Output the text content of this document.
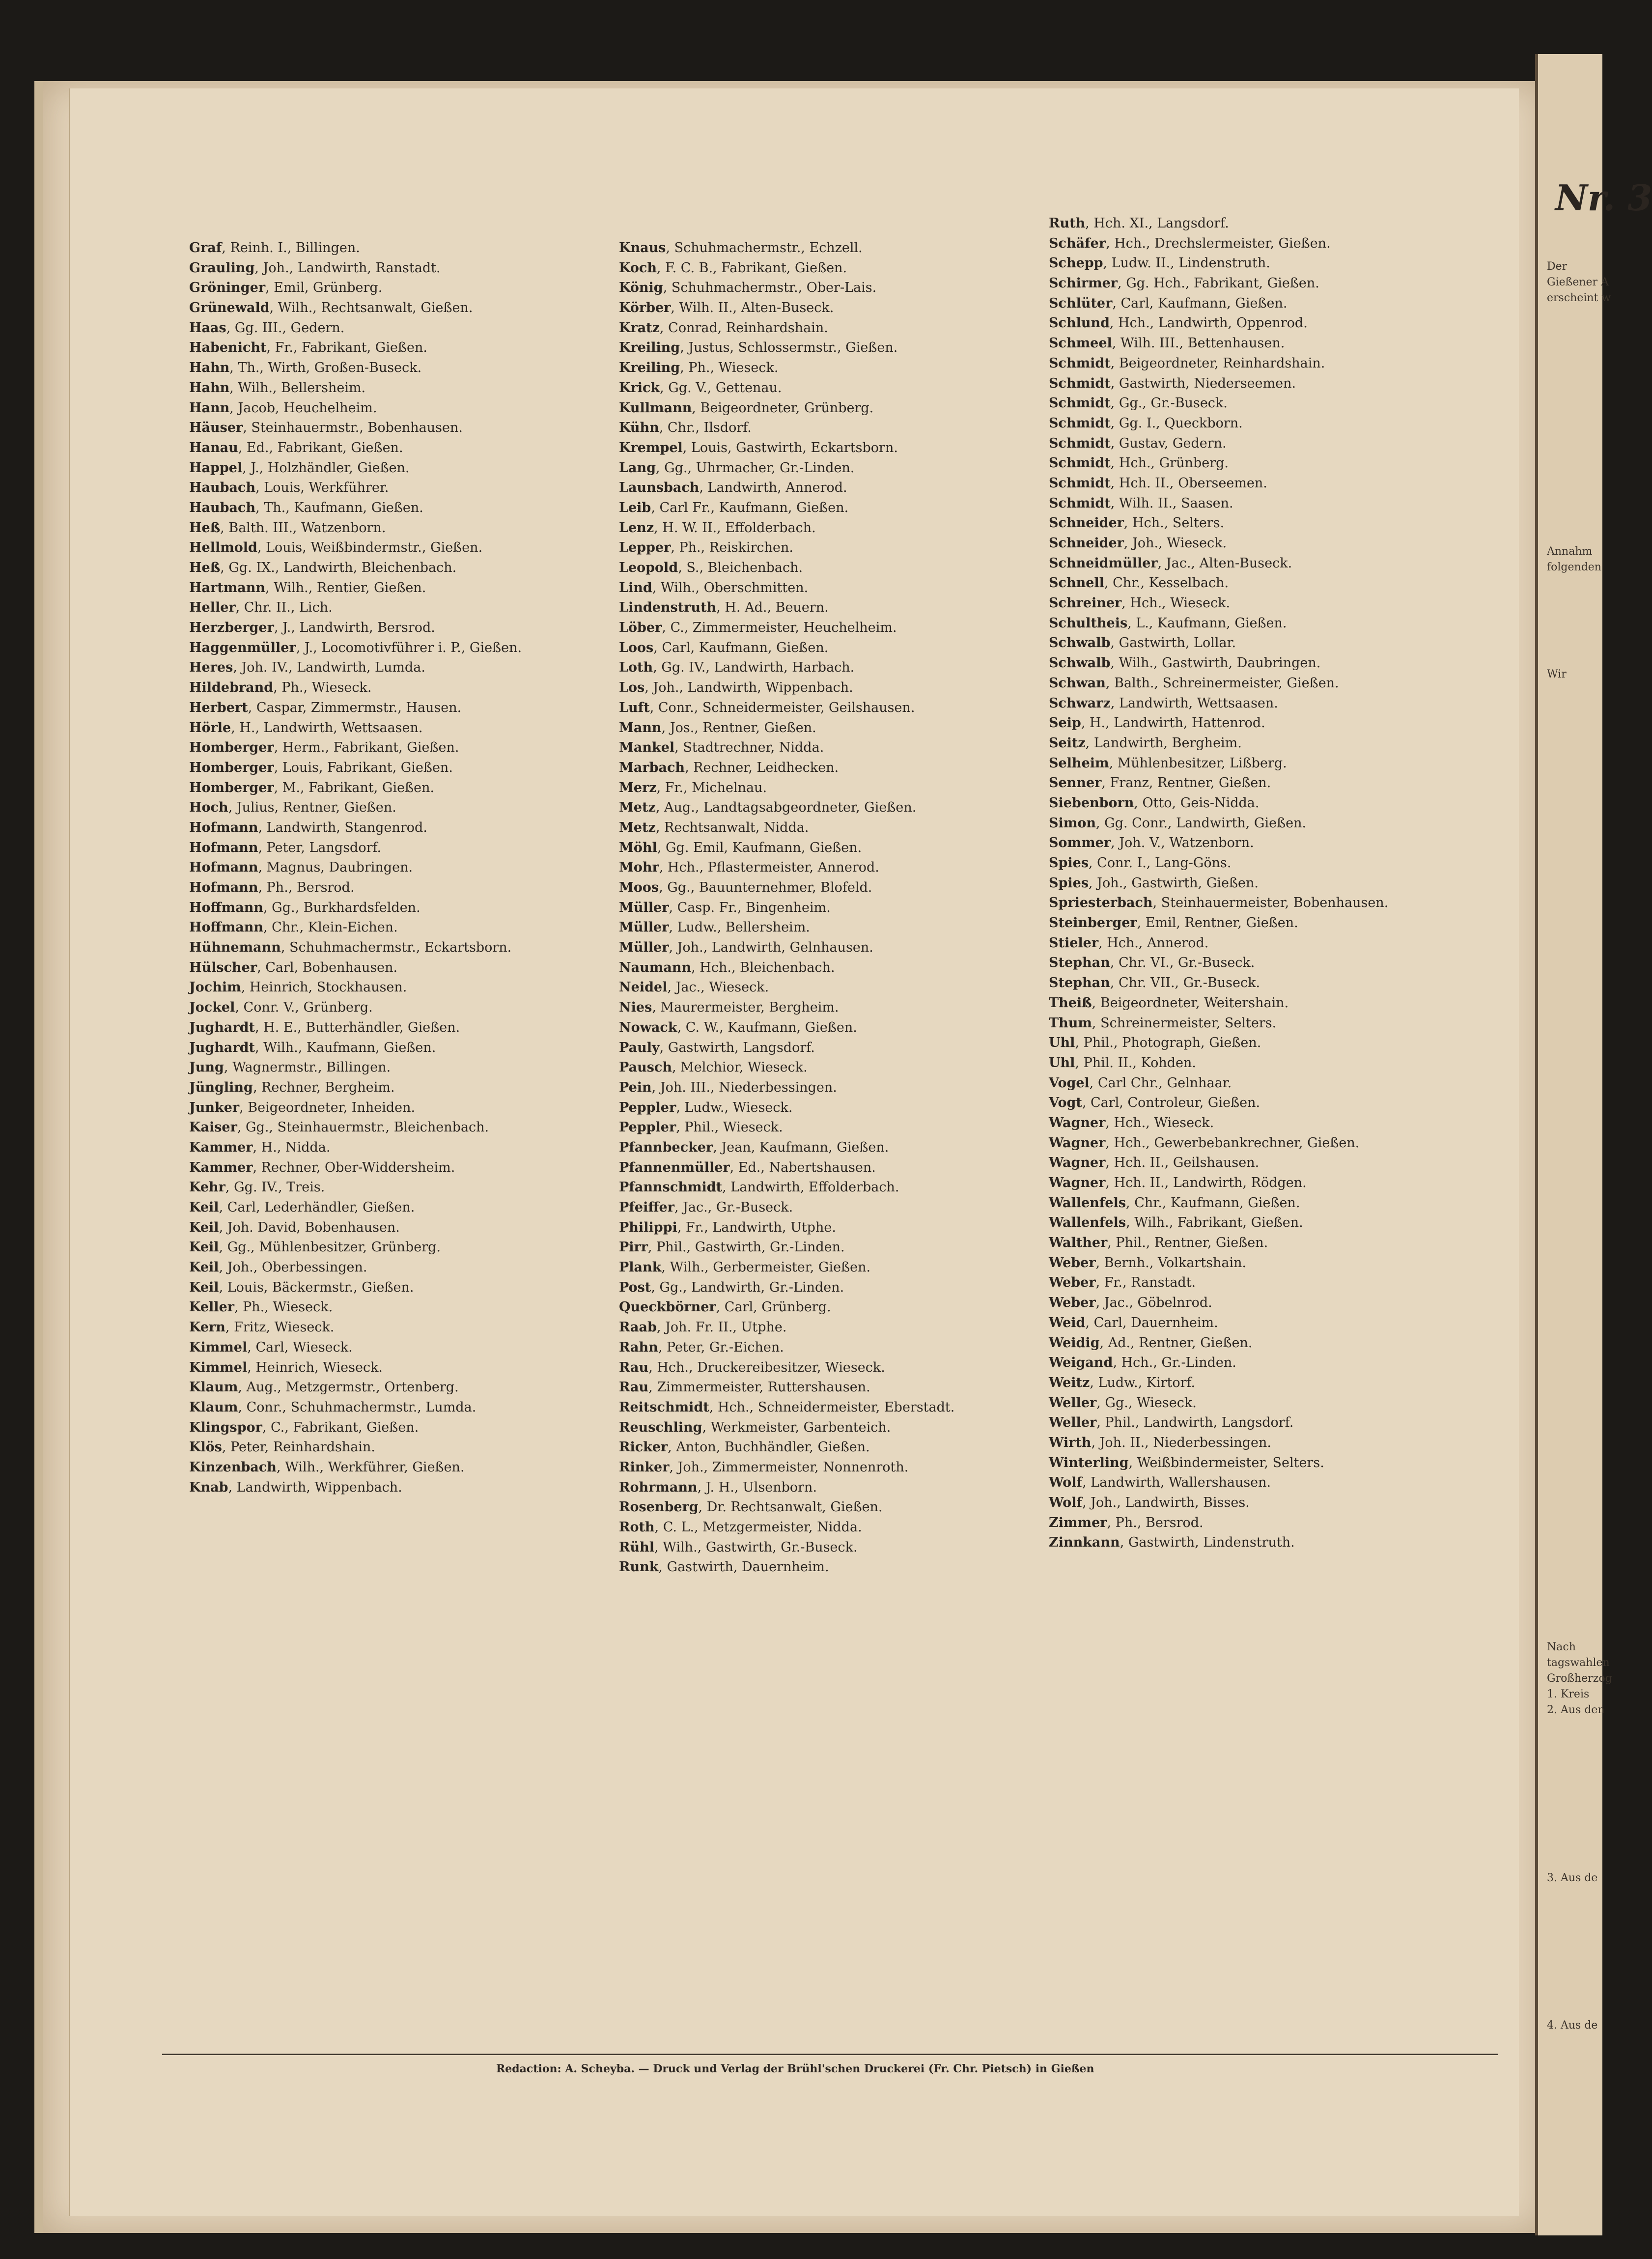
Graf, Reinh. I., Billingen.
Grauling, Joh., Landwirth, Ranstadt.
Gröninger, Emil, Grünberg.
Grünewald, Wilh., Rechtsanwalt, Gießen.
Haas, Gg. III., Gedern.
Habenicht, Fr., Fabrikant, Gießen.
Hahn, Th., Wirth, Großen-Buseck.
Hahn, Wilh., Bellersheim.
Hann, Jacob, Heuchelheim.
Häuser, Steinhauermstr., Bobenhausen.
Hanau, Ed., Fabrikant, Gießen.
Happel, J., Holzhändler, Gießen.
Haubach, Louis, Werkführer.
Haubach, Th., Kaufmann, Gießen.
Heß, Balth. III., Watzenborn.
Hellmold, Louis, Weißbindermstr., Gießen.
Heß, Gg. IX., Landwirth, Bleichenbach.
Hartmann, Wilh., Rentier, Gießen.
Heller, Chr. II., Lich.
Herzberger, J., Landwirth, Bersrod.
Haggenmüller, J., Locomotivführer i. P., Gießen.
Heres, Joh. IV., Landwirth, Lumda.
Hildebrand, Ph., Wieseck.
Herbert, Caspar, Zimmermstr., Hausen.
Hörle, H., Landwirth, Wettsaasen.
Homberger, Herm., Fabrikant, Gießen.
Homberger, Louis, Fabrikant, Gießen.
Homberger, M., Fabrikant, Gießen.
Hoch, Julius, Rentner, Gießen.
Hofmann, Landwirth, Stangenrod.
Hofmann, Peter, Langsdorf.
Hofmann, Magnus, Daubringen.
Hofmann, Ph., Bersrod.
Hoffmann, Gg., Burkhardsfelden.
Hoffmann, Chr., Klein-Eichen.
Hühnemann, Schuhmachermstr., Eckartsborn.
Hülscher, Carl, Bobenhausen.
Jochim, Heinrich, Stockhausen.
Jockel, Conr. V., Grünberg.
Jughardt, H. E., Butterhändler, Gießen.
Jughardt, Wilh., Kaufmann, Gießen.
Jung, Wagnermstr., Billingen.
Jüngling, Rechner, Bergheim.
Junker, Beigeordneter, Inheiden.
Kaiser, Gg., Steinhauermstr., Bleichenbach.
Kammer, H., Nidda.
Kammer, Rechner, Ober-Widdersheim.
Kehr, Gg. IV., Treis.
Keil, Carl, Lederhändler, Gießen.
Keil, Joh. David, Bobenhausen.
Keil, Gg., Mühlenbesitzer, Grünberg.
Keil, Joh., Oberbessingen.
Keil, Louis, Bäckermstr., Gießen.
Keller, Ph., Wieseck.
Kern, Fritz, Wieseck.
Kimmel, Carl, Wieseck.
Kimmel, Heinrich, Wieseck.
Klaum, Aug., Metzgermstr., Ortenberg.
Klaum, Conr., Schuhmachermstr., Lumda.
Klingspor, C., Fabrikant, Gießen.
Klös, Peter, Reinhardshain.
Kinzenbach, Wilh., Werkführer, Gießen.
Knab, Landwirth, Wippenbach.
Knaus, Schuhmachermstr., Echzell.
Koch, F. C. B., Fabrikant, Gießen.
König, Schuhmachermstr., Ober-Lais.
Körber, Wilh. II., Alten-Buseck.
Kratz, Conrad, Reinhardshain.
Kreiling, Justus, Schlossermstr., Gießen.
Kreiling, Ph., Wieseck.
Krick, Gg. V., Gettenau.
Kullmann, Beigeordneter, Grünberg.
Kühn, Chr., Ilsdorf.
Krempel, Louis, Gastwirth, Eckartsborn.
Lang, Gg., Uhrmacher, Gr.-Linden.
Launsbach, Landwirth, Annerod.
Leib, Carl Fr., Kaufmann, Gießen.
Lenz, H. W. II., Effolderbach.
Lepper, Ph., Reiskirchen.
Leopold, S., Bleichenbach.
Lind, Wilh., Oberschmitten.
Lindenstruth, H. Ad., Beuern.
Löber, C., Zimmermeister, Heuchelheim.
Loos, Carl, Kaufmann, Gießen.
Loth, Gg. IV., Landwirth, Harbach.
Los, Joh., Landwirth, Wippenbach.
Luft, Conr., Schneidermeister, Geilshausen.
Mann, Jos., Rentner, Gießen.
Mankel, Stadtrechner, Nidda.
Marbach, Rechner, Leidhecken.
Merz, Fr., Michelnau.
Metz, Aug., Landtagsabgeordneter, Gießen.
Metz, Rechtsanwalt, Nidda.
Möhl, Gg. Emil, Kaufmann, Gießen.
Mohr, Hch., Pflastermeister, Annerod.
Moos, Gg., Bauunternehmer, Blofeld.
Müller, Casp. Fr., Bingenheim.
Müller, Ludw., Bellersheim.
Müller, Joh., Landwirth, Gelnhausen.
Naumann, Hch., Bleichenbach.
Neidel, Jac., Wieseck.
Nies, Maurermeister, Bergheim.
Nowack, C. W., Kaufmann, Gießen.
Pauly, Gastwirth, Langsdorf.
Pausch, Melchior, Wieseck.
Pein, Joh. III., Niederbessingen.
Peppler, Ludw., Wieseck.
Peppler, Phil., Wieseck.
Pfannbecker, Jean, Kaufmann, Gießen.
Pfannenmüller, Ed., Nabertshausen.
Pfannschmidt, Landwirth, Effolderbach.
Pfeiffer, Jac., Gr.-Buseck.
Philippi, Fr., Landwirth, Utphe.
Pirr, Phil., Gastwirth, Gr.-Linden.
Plank, Wilh., Gerbermeister, Gießen.
Post, Gg., Landwirth, Gr.-Linden.
Queckbörner, Carl, Grünberg.
Raab, Joh. Fr. II., Utphe.
Rahn, Peter, Gr.-Eichen.
Rau, Hch., Druckereibesitzer, Wieseck.
Rau, Zimmermeister, Ruttershausen.
Reitschmidt, Hch., Schneidermeister, Eberstadt.
Reuschling, Werkmeister, Garbenteich.
Ricker, Anton, Buchhändler, Gießen.
Rinker, Joh., Zimmermeister, Nonnenroth.
Rohrmann, J. H., Ulsenborn.
Rosenberg, Dr. Rechtsanwalt, Gießen.
Roth, C. L., Metzgermeister, Nidda.
Rühl, Wilh., Gastwirth, Gr.-Buseck.
Runk, Gastwirth, Dauernheim.
Ruth, Hch. XI., Langsdorf.
Schäfer, Hch., Drechslermeister, Gießen.
Schepp, Ludw. II., Lindenstruth.
Schirmer, Gg. Hch., Fabrikant, Gießen.
Schlüter, Carl, Kaufmann, Gießen.
Schlund, Hch., Landwirth, Oppenrod.
Schmeel, Wilh. III., Bettenhausen.
Schmidt, Beigeordneter, Reinhardshain.
Schmidt, Gastwirth, Niederseemen.
Schmidt, Gg., Gr.-Buseck.
Schmidt, Gg. I., Queckborn.
Schmidt, Gustav, Gedern.
Schmidt, Hch., Grünberg.
Schmidt, Hch. II., Oberseemen.
Schmidt, Wilh. II., Saasen.
Schneider, Hch., Selters.
Schneider, Joh., Wieseck.
Schneidmüller, Jac., Alten-Buseck.
Schnell, Chr., Kesselbach.
Schreiner, Hch., Wieseck.
Schultheis, L., Kaufmann, Gießen.
Schwalb, Gastwirth, Lollar.
Schwalb, Wilh., Gastwirth, Daubringen.
Schwan, Balth., Schreinermeister, Gießen.
Schwarz, Landwirth, Wettsaasen.
Seip, H., Landwirth, Hattenrod.
Seitz, Landwirth, Bergheim.
Selheim, Mühlenbesitzer, Lißberg.
Senner, Franz, Rentner, Gießen.
Siebenborn, Otto, Geis-Nidda.
Simon, Gg. Conr., Landwirth, Gießen.
Sommer, Joh. V., Watzenborn.
Spies, Conr. I., Lang-Göns.
Spies, Joh., Gastwirth, Gießen.
Spriesterbach, Steinhauermeister, Bobenhausen.
Steinberger, Emil, Rentner, Gießen.
Stieler, Hch., Annerod.
Stephan, Chr. VI., Gr.-Buseck.
Stephan, Chr. VII., Gr.-Buseck.
Theiß, Beigeordneter, Weitershain.
Thum, Schreinermeister, Selters.
Uhl, Phil., Photograph, Gießen.
Uhl, Phil. II., Kohden.
Vogel, Carl Chr., Gelnhaar.
Vogt, Carl, Controleur, Gießen.
Wagner, Hch., Wieseck.
Wagner, Hch., Gewerbebankrechner, Gießen.
Wagner, Hch. II., Geilshausen.
Wagner, Hch. II., Landwirth, Rödgen.
Wallenfels, Chr., Kaufmann, Gießen.
Wallenfels, Wilh., Fabrikant, Gießen.
Walther, Phil., Rentner, Gießen.
Weber, Bernh., Volkartshain.
Weber, Fr., Ranstadt.
Weber, Jac., Göbelnrod.
Weid, Carl, Dauernheim.
Weidig, Ad., Rentner, Gießen.
Weigand, Hch., Gr.-Linden.
Weitz, Ludw., Kirtorf.
Weller, Gg., Wieseck.
Weller, Phil., Landwirth, Langsdorf.
Wirth, Joh. II., Niederbessingen.
Winterling, Weißbindermeister, Selters.
Wolf, Landwirth, Wallershausen.
Wolf, Joh., Landwirth, Bisses.
Zimmer, Ph., Bersrod.
Zinnkann, Gastwirth, Lindenstruth.
Redaction: A. Scheyba. — Druck und Verlag der Brühl'schen Druckerei (Fr. Chr. Pietsch) in Gießen
Nr. 3
Der
Gießener A
erscheint w
Annahm
folgenden
Wir
Nach
tagswahlen
Großherzog
1. Kreis
2. Aus den
3. Aus de
4. Aus de
